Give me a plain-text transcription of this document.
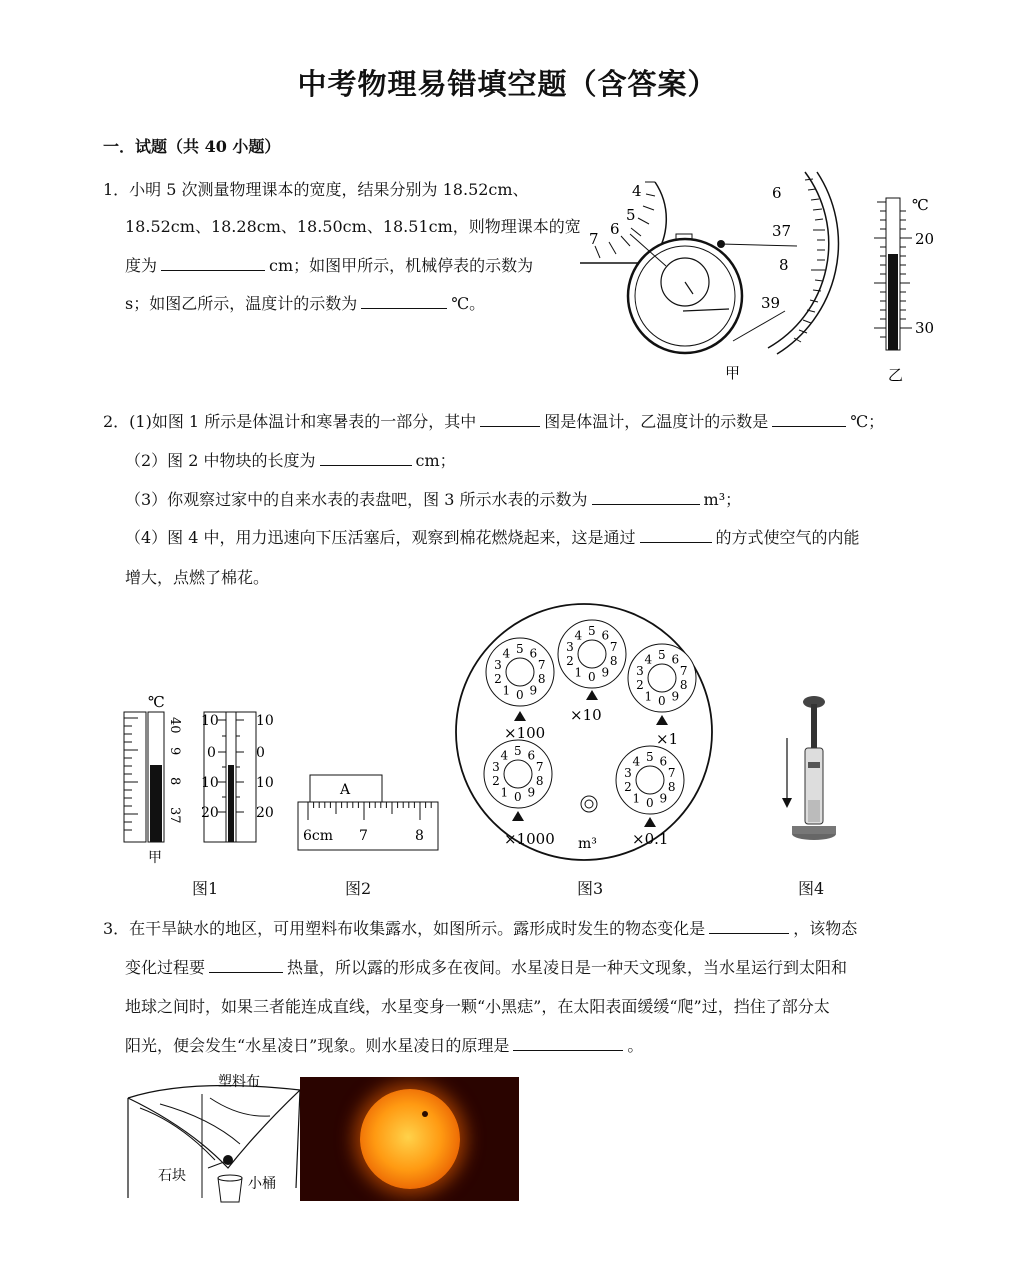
中考物理易错填空题（含答案）
一．试题（共 40 小题）
1．小明 5 次测量物理课本的宽度，结果分别为 18.52cm、
18.52cm、18.28cm、18.50cm、18.51cm，则物理课本的宽
度为	cm；如图甲所示，机械停表的示数为
s；如图乙所示，温度计的示数为	℃。
4
5
6
7
6
37
8
39
甲
℃
20
30
乙
2．(1)如图 1 所示是体温计和寒暑表的一部分，其中	图是体温计，乙温度计的示数是	℃；
（2）图 2 中物块的长度为	cm；
（3）你观察过家中的自来水表的表盘吧，图 3 所示水表的示数为	m³；
（4）图 4 中，用力迅速向下压活塞后，观察到棉花燃烧起来，这是通过	的方式使空气的内能
增大，点燃了棉花。
℃
40
9
8
37
甲
10
0
10
20
10
0
10
20
A
6cm 7	8
0
1
2
3
4 5 6
7
8
9
0
1
2
3
4 5 6
7
8
9
0
1
2
3
4 5 6
7
8
9
0
1
2
3
4 5 6
7
8
9
0
1
2
3
4 5 6
7
8
9
×100
×10
×1
×1000	×0.1
m³
图1	图2	图3	图4
3．在干旱缺水的地区，可用塑料布收集露水，如图所示。露形成时发生的物态变化是	，该物态
变化过程要	热量，所以露的形成多在夜间。水星凌日是一种天文现象，当水星运行到太阳和
地球之间时，如果三者能连成直线，水星变身一颗“小黑痣”，在太阳表面缓缓“爬”过，挡住了部分太
阳光，便会发生“水星凌日”现象。则水星凌日的原理是	。
塑料布
石块	小桶
